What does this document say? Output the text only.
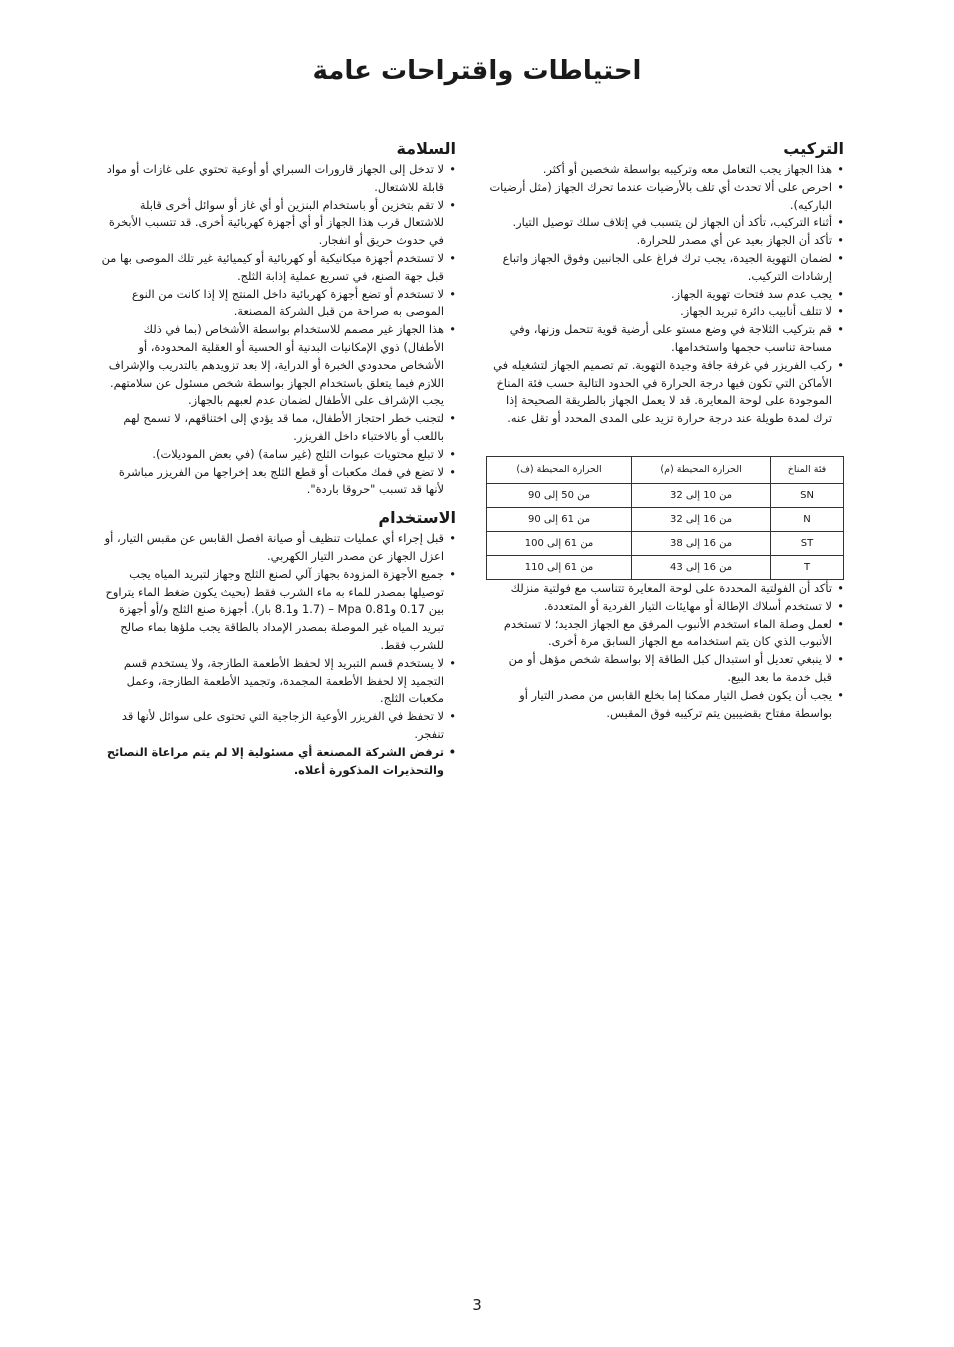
احتياطات واقتراحات عامة
التركيب
• هذا الجهاز يجب التعامل معه وتركيبه بواسطة شخصين أو أكثر.
• احرص على ألا تحدث أي تلف بالأرضيات عندما تحرك الجهاز (مثل أرضيات الباركيه).
• أثناء التركيب، تأكد أن الجهاز لن يتسبب في إتلاف سلك توصيل التيار.
• تأكد أن الجهاز بعيد عن أي مصدر للحرارة.
• لضمان التهوية الجيدة، يجب ترك فراغ على الجانبين وفوق الجهاز واتباع إرشادات التركيب.
• يجب عدم سد فتحات تهوية الجهاز.
• لا تتلف أنابيب دائرة تبريد الجهاز.
• قم بتركيب الثلاجة في وضع مستو على أرضية قوية تتحمل وزنها، وفي مساحة تناسب حجمها واستخدامها.
• ركب الفريزر في غرفة جافة وجيدة التهوية. تم تصميم الجهاز لتشغيله في الأماكن التي تكون فيها درجة الحرارة في الحدود التالية حسب فئة المناخ الموجودة على لوحة المعايرة. قد لا يعمل الجهاز بالطريقة الصحيحة إذا ترك لمدة طويلة عند درجة حرارة تزيد على المدى المحدد أو تقل عنه.
فئة المناخ	الحرارة المحيطة (م)	الحرارة المحيطة (ف)
SN	من 10 إلى 32	من 50 إلى 90
N	من 16 إلى 32	من 61 إلى 90
ST	من 16 إلى 38	من 61 إلى 100
T	من 16 إلى 43	من 61 إلى 110
• تأكد أن الفولتية المحددة على لوحة المعايرة تتناسب مع فولتية منزلك
• لا تستخدم أسلاك الإطالة أو مهايئات التيار الفردية أو المتعددة.
• لعمل وصلة الماء استخدم الأنبوب المرفق مع الجهاز الجديد؛ لا تستخدم الأنبوب الذي كان يتم استخدامه مع الجهاز السابق مرة أخرى.
• لا ينبغي تعديل أو استبدال كبل الطاقة إلا بواسطة شخص مؤهل أو من قبل خدمة ما بعد البيع.
• يجب أن يكون فصل التيار ممكنا إما بخلع القابس من مصدر التيار أو بواسطة مفتاح بقضيبين يتم تركيبه فوق المقبس.
السلامة
• لا تدخل إلى الجهاز قارورات السبراي أو أوعية تحتوي على غازات أو مواد قابلة للاشتعال.
• لا تقم بتخزين أو باستخدام البنزين أو أي غاز أو سوائل أخرى قابلة للاشتعال قرب هذا الجهاز أو أي أجهزة كهربائية أخرى. قد تتسبب الأبخرة في حدوث حريق أو انفجار.
• لا تستخدم أجهزة ميكانيكية أو كهربائية أو كيميائية غير تلك الموصى بها من قبل جهة الصنع، في تسريع عملية إذابة الثلج.
• لا تستخدم أو تضع أجهزة كهربائية داخل المنتج إلا إذا كانت من النوع الموصى به صراحة من قبل الشركة المصنعة.
• هذا الجهاز غير مصمم للاستخدام بواسطة الأشخاص (بما في ذلك الأطفال) ذوي الإمكانيات البدنية أو الحسية أو العقلية المحدودة، أو الأشخاص محدودي الخبرة أو الدراية، إلا بعد تزويدهم بالتدريب والإشراف اللازم فيما يتعلق باستخدام الجهاز بواسطة شخص مسئول عن سلامتهم. يجب الإشراف على الأطفال لضمان عدم لعبهم بالجهاز.
• لتجنب خطر احتجاز الأطفال، مما قد يؤدي إلى اختناقهم، لا تسمح لهم باللعب أو بالاختباء داخل الفريزر.
• لا تبلع محتويات عبوات الثلج (غير سامة) (في بعض الموديلات).
• لا تضع في فمك مكعبات أو قطع الثلج بعد إخراجها من الفريزر مباشرة لأنها قد تسبب "حروقا باردة".
الاستخدام
• قبل إجراء أي عمليات تنظيف أو صيانة افصل القابس عن مقبس التيار، أو اعزل الجهاز عن مصدر التيار الكهربي.
• جميع الأجهزة المزودة بجهاز آلي لصنع الثلج وجهاز لتبريد المياه يجب توصيلها بمصدر للماء به ماء الشرب فقط (بحيث يكون ضغط الماء يتراوح بين 0.17 و0.81 Mpa – (1.7 و8.1 بار). أجهزة صنع الثلج و/أو أجهزة تبريد المياه غير الموصلة بمصدر الإمداد بالطاقة يجب ملؤها بماء صالح للشرب فقط.
• لا يستخدم قسم التبريد إلا لحفظ الأطعمة الطازجة، ولا يستخدم قسم التجميد إلا لحفظ الأطعمة المجمدة، وتجميد الأطعمة الطازجة، وعمل مكعبات الثلج.
• لا تحفظ في الفريزر الأوعية الزجاجية التي تحتوى على سوائل لأنها قد تنفجر.
• ترفض الشركة المصنعة أي مسئولية إلا لم يتم مراعاة النصائح والتحذيرات المذكورة أعلاه.
3
